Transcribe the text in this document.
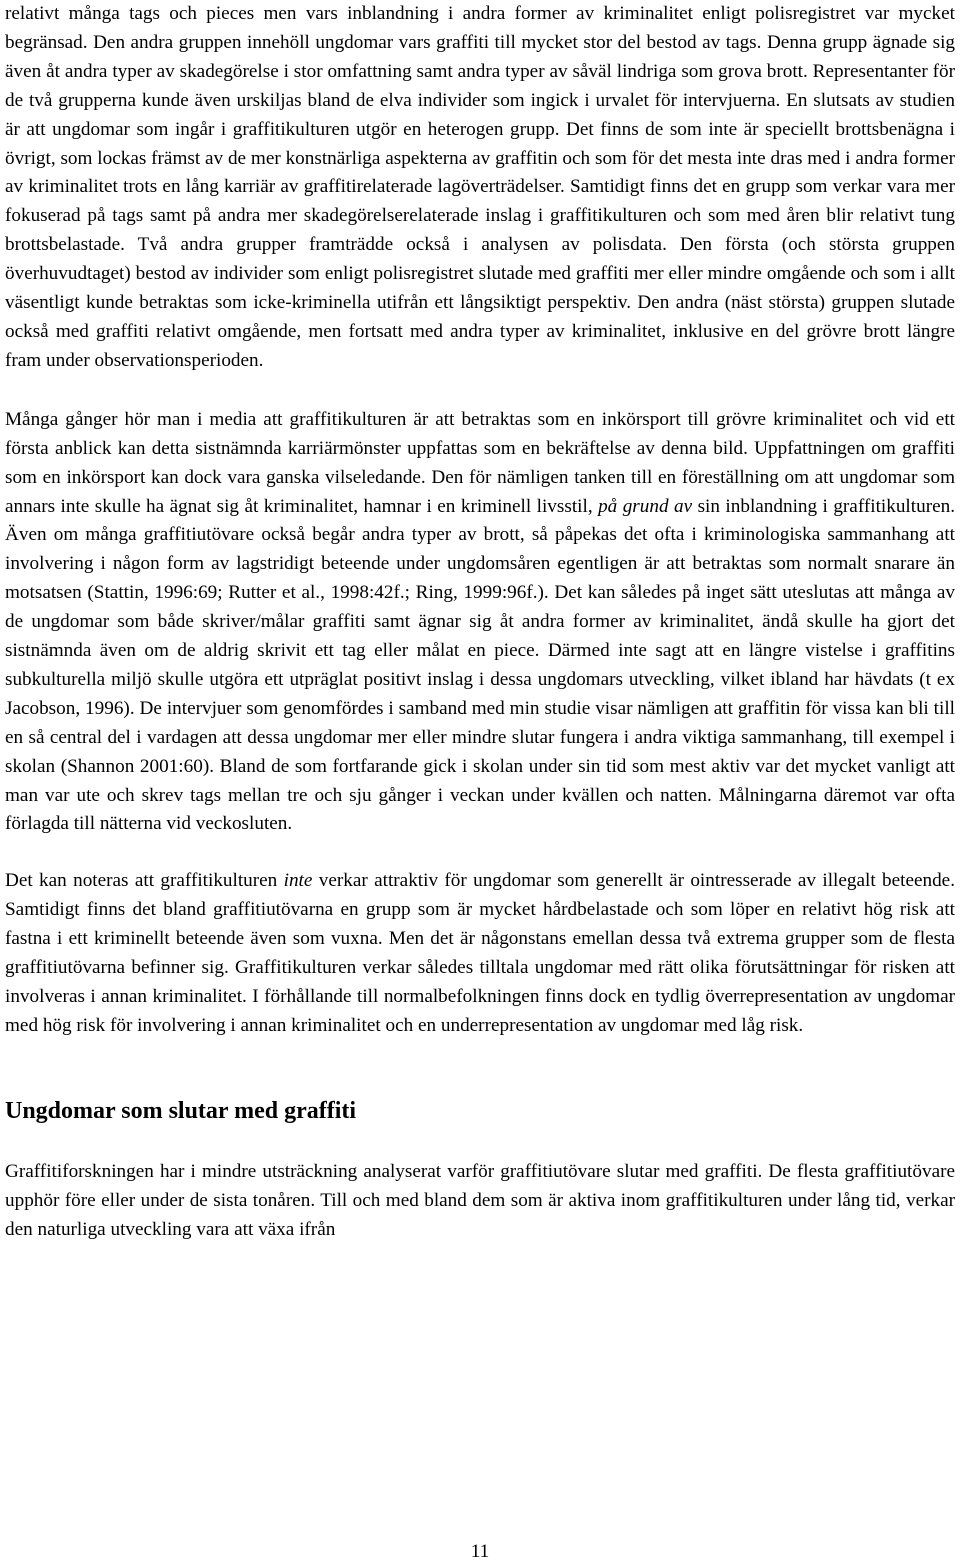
relativt många tags och pieces men vars inblandning i andra former av kriminalitet enligt polisregistret var mycket begränsad. Den andra gruppen innehöll ungdomar vars graffiti till mycket stor del bestod av tags. Denna grupp ägnade sig även åt andra typer av skadegörelse i stor omfattning samt andra typer av såväl lindriga som grova brott. Representanter för de två grupperna kunde även urskiljas bland de elva individer som ingick i urvalet för intervjuerna. En slutsats av studien är att ungdomar som ingår i graffitikulturen utgör en heterogen grupp. Det finns de som inte är speciellt brottsbenägna i övrigt, som lockas främst av de mer konstnärliga aspekterna av graffitin och som för det mesta inte dras med i andra former av kriminalitet trots en lång karriär av graffitirelaterade lagöverträdelser. Samtidigt finns det en grupp som verkar vara mer fokuserad på tags samt på andra mer skadegörelserelaterade inslag i graffitikulturen och som med åren blir relativt tung brottsbelastade. Två andra grupper framträdde också i analysen av polisdata. Den första (och största gruppen överhuvudtaget) bestod av individer som enligt polisregistret slutade med graffiti mer eller mindre omgående och som i allt väsentligt kunde betraktas som icke-kriminella utifrån ett långsiktigt perspektiv. Den andra (näst största) gruppen slutade också med graffiti relativt omgående, men fortsatt med andra typer av kriminalitet, inklusive en del grövre brott längre fram under observationsperioden.

Många gånger hör man i media att graffitikulturen är att betraktas som en inkörsport till grövre kriminalitet och vid ett första anblick kan detta sistnämnda karriärmönster uppfattas som en bekräftelse av denna bild. Uppfattningen om graffiti som en inkörsport kan dock vara ganska vilseledande. Den för nämligen tanken till en föreställning om att ungdomar som annars inte skulle ha ägnat sig åt kriminalitet, hamnar i en kriminell livsstil, på grund av sin inblandning i graffitikulturen. Även om många graffitiutövare också begår andra typer av brott, så påpekas det ofta i kriminologiska sammanhang att involvering i någon form av lagstridigt beteende under ungdomsåren egentligen är att betraktas som normalt snarare än motsatsen (Stattin, 1996:69; Rutter et al., 1998:42f.; Ring, 1999:96f.). Det kan således på inget sätt uteslutas att många av de ungdomar som både skriver/målar graffiti samt ägnar sig åt andra former av kriminalitet, ändå skulle ha gjort det sistnämnda även om de aldrig skrivit ett tag eller målat en piece. Därmed inte sagt att en längre vistelse i graffitins subkulturella miljö skulle utgöra ett utpräglat positivt inslag i dessa ungdomars utveckling, vilket ibland har hävdats (t ex Jacobson, 1996). De intervjuer som genomfördes i samband med min studie visar nämligen att graffitin för vissa kan bli till en så central del i vardagen att dessa ungdomar mer eller mindre slutar fungera i andra viktiga sammanhang, till exempel i skolan (Shannon 2001:60). Bland de som fortfarande gick i skolan under sin tid som mest aktiv var det mycket vanligt att man var ute och skrev tags mellan tre och sju gånger i veckan under kvällen och natten. Målningarna däremot var ofta förlagda till nätterna vid veckosluten.

Det kan noteras att graffitikulturen inte verkar attraktiv för ungdomar som generellt är ointresserade av illegalt beteende. Samtidigt finns det bland graffitiutövarna en grupp som är mycket hårdbelastade och som löper en relativt hög risk att fastna i ett kriminellt beteende även som vuxna. Men det är någonstans emellan dessa två extrema grupper som de flesta graffitiutövarna befinner sig. Graffitikulturen verkar således tilltala ungdomar med rätt olika förutsättningar för risken att involveras i annan kriminalitet. I förhållande till normalbefolkningen finns dock en tydlig överrepresentation av ungdomar med hög risk för involvering i annan kriminalitet och en underrepresentation av ungdomar med låg risk.

Ungdomar som slutar med graffiti

Graffitiforskningen har i mindre utsträckning analyserat varför graffitiutövare slutar med graffiti. De flesta graffitiutövare upphör före eller under de sista tonåren. Till och med bland dem som är aktiva inom graffitikulturen under lång tid, verkar den naturliga utveckling vara att växa ifrån

11
